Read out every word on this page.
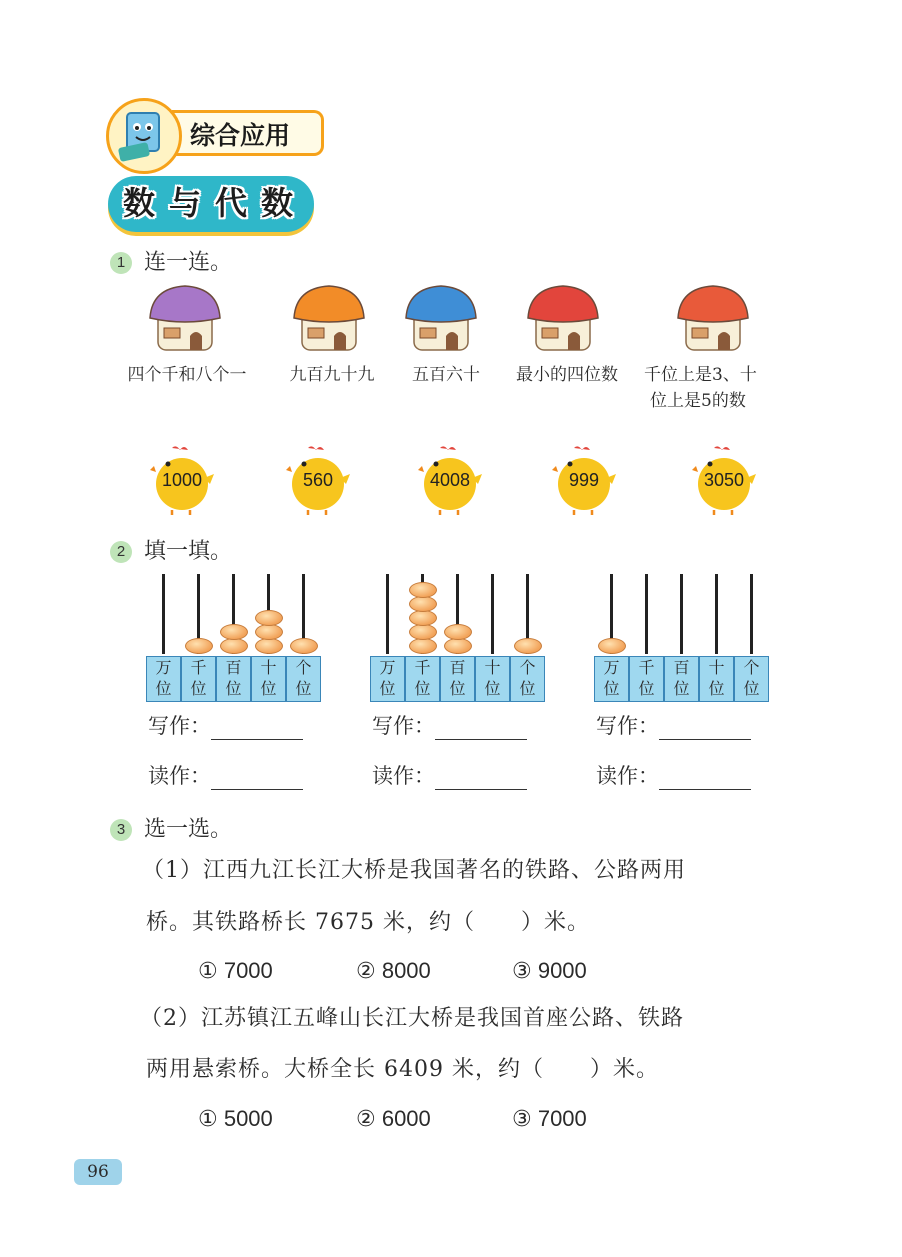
综合应用
数 与 代 数
1 连一连。
四个千和八个一	九百九十九	五百六十	最小的四位数	千位上是3、十
位上是5的数
1000	560	4008	999	3050
2 填一填。
万
位
千
位
百
位
十
位
个
位
万
位
千
位
百
位
十
位
个
位
万
位
千
位
百
位
十
位
个
位
写作：	写作：	写作：
读作：	读作：	读作：
3 选一选。
（1）江西九江长江大桥是我国著名的铁路、公路两用
桥。其铁路桥长 7675 米，约（　　）米。
① 7000	② 8000	③ 9000
（2）江苏镇江五峰山长江大桥是我国首座公路、铁路
两用悬索桥。大桥全长 6409 米，约（　　）米。
① 5000	② 6000	③ 7000
96
